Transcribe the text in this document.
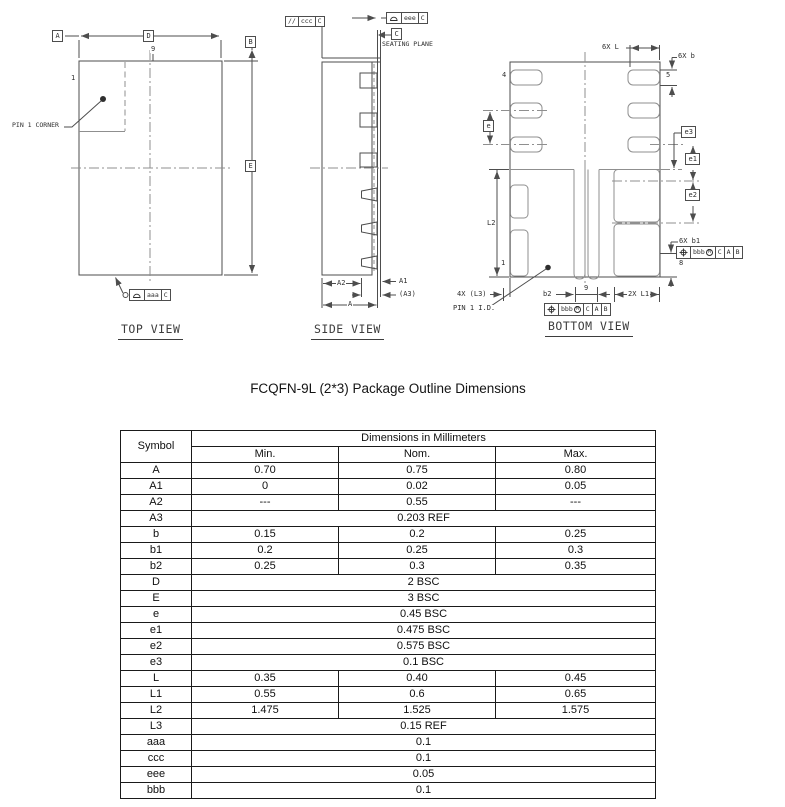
A	D
B
E
9
1
PIN 1 CORNER
aaa C
TOP VIEW
// ccc C	eee C
C
SEATING PLANE
A2	A1
(A3)
A
SIDE VIEW
6X L
6X b
4	5
e
e3
e1
e2
L2
6X b1
bbb M	C A B
8
1
4X (L3)
PIN 1 I.D.
b2
9
2X L1
bbb M	C A B
BOTTOM VIEW
FCQFN-9L (2*3) Package Outline Dimensions
Symbol	Dimensions in Millimeters		
	Min.	Nom.	Max.
A	0.70	0.75	0.80
A1	0	0.02	0.05
A2	---	0.55	---
A3	0.203 REF		
b	0.15	0.2	0.25
b1	0.2	0.25	0.3
b2	0.25	0.3	0.35
D	2 BSC		
E	3 BSC		
e	0.45 BSC		
e1	0.475 BSC		
e2	0.575 BSC		
e3	0.1 BSC		
L	0.35	0.40	0.45
L1	0.55	0.6	0.65
L2	1.475	1.525	1.575
L3	0.15 REF		
aaa	0.1		
ccc	0.1		
eee	0.05		
bbb	0.1		
